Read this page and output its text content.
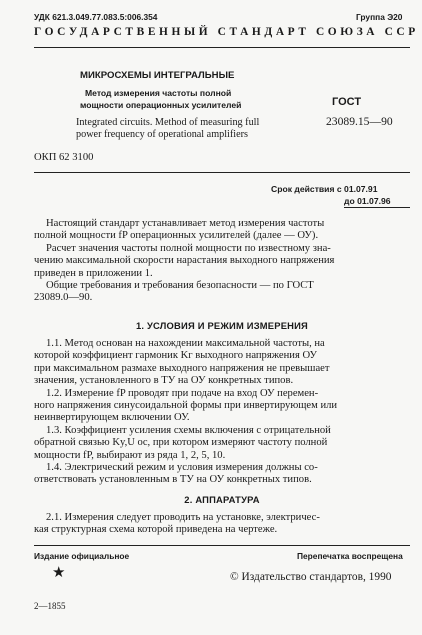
УДК 621.3.049.77.083.5:006.354	Группа Э20
ГОСУДАРСТВЕННЫЙ СТАНДАРТ СОЮЗА ССР
МИКРОСХЕМЫ ИНТЕГРАЛЬНЫЕ
Метод измерения частоты полной
мощности операционных усилителей
Integrated circuits. Method of measuring full
power frequency of operational amplifiers
ГОСТ
23089.15—90
ОКП 62 3100
Срок действия с 01.07.91
до 01.07.96
Настоящий стандарт устанавливает метод измерения частоты
полной мощности fP операционных усилителей (далее — ОУ).
Расчет значения частоты полной мощности по известному зна-
чению максимальной скорости нарастания выходного напряжения
приведен в приложении 1.
Общие требования и требования безопасности — по ГОСТ
23089.0—90.
1. УСЛОВИЯ И РЕЖИМ ИЗМЕРЕНИЯ
1.1. Метод основан на нахождении максимальной частоты, на
которой коэффициент гармоник Kг выходного напряжения ОУ
при максимальном размахе выходного напряжения не превышает
значения, установленного в ТУ на ОУ конкретных типов.
1.2. Измерение fP проводят при подаче на вход ОУ перемен-
ного напряжения синусоидальной формы при инвертирующем или
неинвертирующем включении ОУ.
1.3. Коэффициент усиления схемы включения с отрицательной
обратной связью Ky,U oc, при котором измеряют частоту полной
мощности fP, выбирают из ряда 1, 2, 5, 10.
1.4. Электрический режим и условия измерения должны со-
ответствовать установленным в ТУ на ОУ конкретных типов.
2. АППАРАТУРА
2.1. Измерения следует проводить на установке, электричес-
кая структурная схема которой приведена на чертеже.
Издание официальное	Перепечатка воспрещена
★	© Издательство стандартов, 1990
2—1855
